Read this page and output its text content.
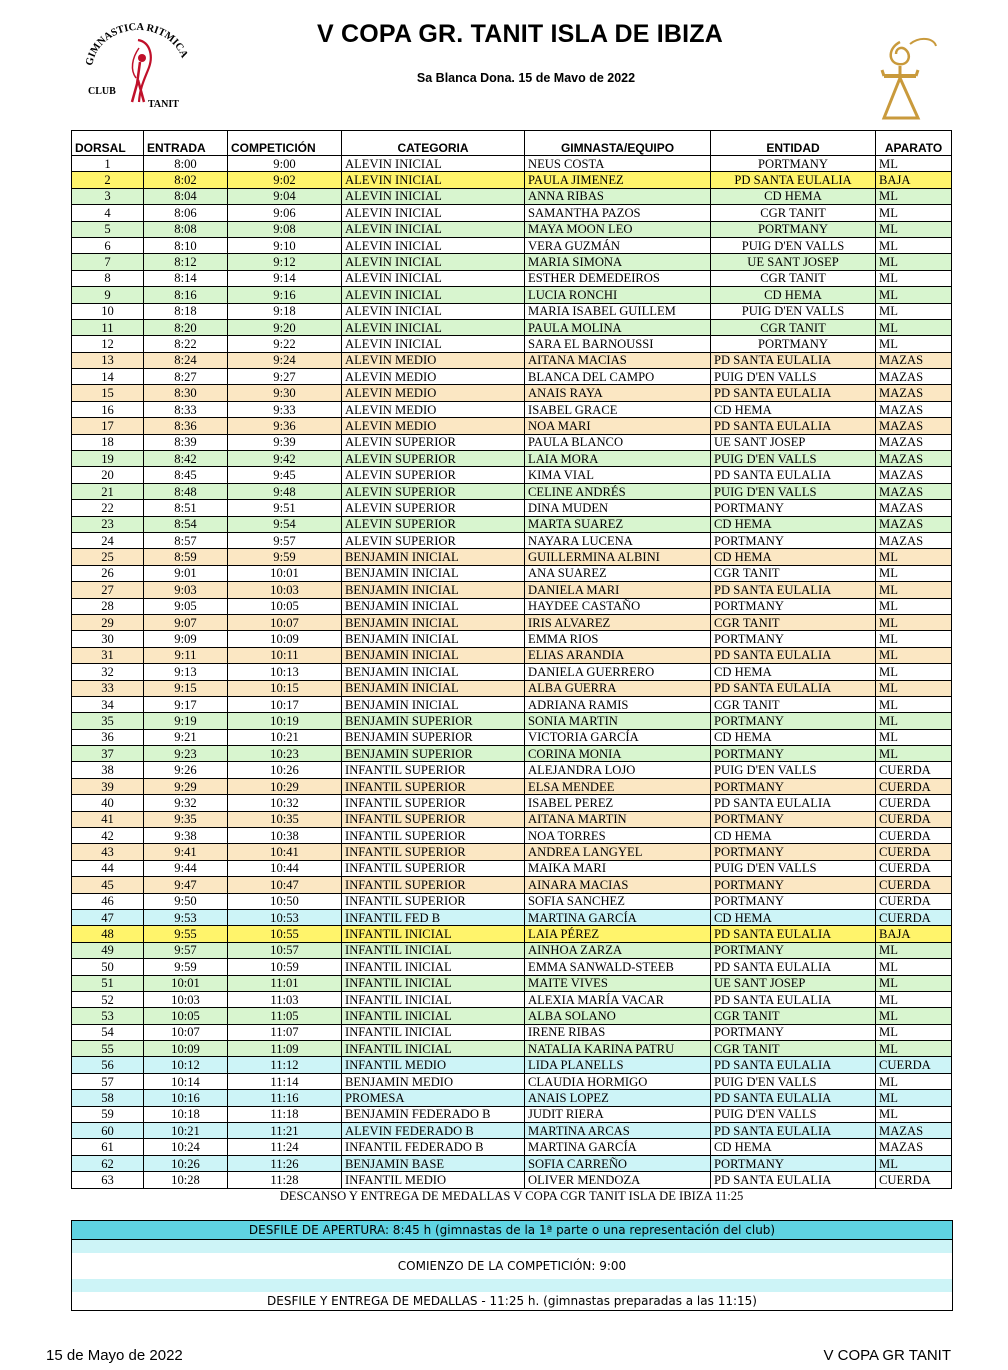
GIMNASTICA RITMICA
CLUB
TANIT
V COPA GR. TANIT ISLA DE IBIZA
Sa Blanca Dona. 15 de Mavo de 2022
DORSAL	ENTRADA	COMPETICIÓN	CATEGORIA	GIMNASTA/EQUIPO	ENTIDAD	APARATO
1	8:00	9:00	ALEVIN INICIAL	NEUS COSTA	PORTMANY	ML
2	8:02	9:02	ALEVIN INICIAL	PAULA JIMENEZ	PD SANTA EULALIA	BAJA
3	8:04	9:04	ALEVIN INICIAL	ANNA RIBAS	CD HEMA	ML
4	8:06	9:06	ALEVIN INICIAL	SAMANTHA PAZOS	CGR TANIT	ML
5	8:08	9:08	ALEVIN INICIAL	MAYA MOON LEO	PORTMANY	ML
6	8:10	9:10	ALEVIN INICIAL	VERA GUZMÁN	PUIG D'EN VALLS	ML
7	8:12	9:12	ALEVIN INICIAL	MARIA SIMONA	UE SANT JOSEP	ML
8	8:14	9:14	ALEVIN INICIAL	ESTHER DEMEDEIROS	CGR TANIT	ML
9	8:16	9:16	ALEVIN INICIAL	LUCIA RONCHI	CD HEMA	ML
10	8:18	9:18	ALEVIN INICIAL	MARIA ISABEL GUILLEM	PUIG D'EN VALLS	ML
11	8:20	9:20	ALEVIN INICIAL	PAULA MOLINA	CGR TANIT	ML
12	8:22	9:22	ALEVIN INICIAL	SARA EL BARNOUSSI	PORTMANY	ML
13	8:24	9:24	ALEVIN MEDIO	AITANA MACIAS	PD SANTA EULALIA	MAZAS
14	8:27	9:27	ALEVIN MEDIO	BLANCA DEL CAMPO	PUIG D'EN VALLS	MAZAS
15	8:30	9:30	ALEVIN MEDIO	ANAIS RAYA	PD SANTA EULALIA	MAZAS
16	8:33	9:33	ALEVIN MEDIO	ISABEL GRACE	CD HEMA	MAZAS
17	8:36	9:36	ALEVIN MEDIO	NOA MARI	PD SANTA EULALIA	MAZAS
18	8:39	9:39	ALEVIN SUPERIOR	PAULA BLANCO	UE SANT JOSEP	MAZAS
19	8:42	9:42	ALEVIN SUPERIOR	LAIA MORA	PUIG D'EN VALLS	MAZAS
20	8:45	9:45	ALEVIN SUPERIOR	KIMA VIAL	PD SANTA EULALIA	MAZAS
21	8:48	9:48	ALEVIN SUPERIOR	CELINE ANDRÉS	PUIG D'EN VALLS	MAZAS
22	8:51	9:51	ALEVIN SUPERIOR	DINA MUDEN	PORTMANY	MAZAS
23	8:54	9:54	ALEVIN SUPERIOR	MARTA SUAREZ	CD HEMA	MAZAS
24	8:57	9:57	ALEVIN SUPERIOR	NAYARA LUCENA	PORTMANY	MAZAS
25	8:59	9:59	BENJAMIN INICIAL	GUILLERMINA ALBINI	CD HEMA	ML
26	9:01	10:01	BENJAMIN INICIAL	ANA SUAREZ	CGR TANIT	ML
27	9:03	10:03	BENJAMIN INICIAL	DANIELA MARI	PD SANTA EULALIA	ML
28	9:05	10:05	BENJAMIN INICIAL	HAYDEE CASTAÑO	PORTMANY	ML
29	9:07	10:07	BENJAMIN INICIAL	IRIS ALVAREZ	CGR TANIT	ML
30	9:09	10:09	BENJAMIN INICIAL	EMMA RIOS	PORTMANY	ML
31	9:11	10:11	BENJAMIN INICIAL	ELIAS ARANDIA	PD SANTA EULALIA	ML
32	9:13	10:13	BENJAMIN INICIAL	DANIELA GUERRERO	CD HEMA	ML
33	9:15	10:15	BENJAMIN INICIAL	ALBA GUERRA	PD SANTA EULALIA	ML
34	9:17	10:17	BENJAMIN INICIAL	ADRIANA RAMIS	CGR TANIT	ML
35	9:19	10:19	BENJAMIN SUPERIOR	SONIA MARTIN	PORTMANY	ML
36	9:21	10:21	BENJAMIN SUPERIOR	VICTORIA GARCÍA	CD HEMA	ML
37	9:23	10:23	BENJAMIN SUPERIOR	CORINA MONIA	PORTMANY	ML
38	9:26	10:26	INFANTIL SUPERIOR	ALEJANDRA LOJO	PUIG D'EN VALLS	CUERDA
39	9:29	10:29	INFANTIL SUPERIOR	ELSA MENDEE	PORTMANY	CUERDA
40	9:32	10:32	INFANTIL SUPERIOR	ISABEL PEREZ	PD SANTA EULALIA	CUERDA
41	9:35	10:35	INFANTIL SUPERIOR	AITANA MARTIN	PORTMANY	CUERDA
42	9:38	10:38	INFANTIL SUPERIOR	NOA TORRES	CD HEMA	CUERDA
43	9:41	10:41	INFANTIL SUPERIOR	ANDREA LANGYEL	PORTMANY	CUERDA
44	9:44	10:44	INFANTIL SUPERIOR	MAIKA MARI	PUIG D'EN VALLS	CUERDA
45	9:47	10:47	INFANTIL SUPERIOR	AINARA MACIAS	PORTMANY	CUERDA
46	9:50	10:50	INFANTIL SUPERIOR	SOFIA SANCHEZ	PORTMANY	CUERDA
47	9:53	10:53	INFANTIL FED B	MARTINA GARCÍA	CD HEMA	CUERDA
48	9:55	10:55	INFANTIL INICIAL	LAIA PÉREZ	PD SANTA EULALIA	BAJA
49	9:57	10:57	INFANTIL INICIAL	AINHOA ZARZA	PORTMANY	ML
50	9:59	10:59	INFANTIL INICIAL	EMMA SANWALD-STEEB	PD SANTA EULALIA	ML
51	10:01	11:01	INFANTIL INICIAL	MAITE VIVES	UE SANT JOSEP	ML
52	10:03	11:03	INFANTIL INICIAL	ALEXIA MARÍA VACAR	PD SANTA EULALIA	ML
53	10:05	11:05	INFANTIL INICIAL	ALBA SOLANO	CGR TANIT	ML
54	10:07	11:07	INFANTIL INICIAL	IRENE RIBAS	PORTMANY	ML
55	10:09	11:09	INFANTIL INICIAL	NATALIA KARINA PATRU	CGR TANIT	ML
56	10:12	11:12	INFANTIL MEDIO	LIDA PLANELLS	PD SANTA EULALIA	CUERDA
57	10:14	11:14	BENJAMIN MEDIO	CLAUDIA HORMIGO	PUIG D'EN VALLS	ML
58	10:16	11:16	PROMESA	ANAIS LOPEZ	PD SANTA EULALIA	ML
59	10:18	11:18	BENJAMIN FEDERADO B	JUDIT RIERA	PUIG D'EN VALLS	ML
60	10:21	11:21	ALEVIN FEDERADO B	MARTINA ARCAS	PD SANTA EULALIA	MAZAS
61	10:24	11:24	INFANTIL FEDERADO B	MARTINA GARCÍA	CD HEMA	MAZAS
62	10:26	11:26	BENJAMIN BASE	SOFIA CARREÑO	PORTMANY	ML
63	10:28	11:28	INFANTIL MEDIO	OLIVER MENDOZA	PD SANTA EULALIA	CUERDA
DESCANSO Y ENTREGA DE MEDALLAS V COPA CGR TANIT ISLA DE IBIZA 11:25						
DESFILE DE APERTURA: 8:45 h (gimnastas de la 1ª parte o una representación del club)
COMIENZO DE LA COMPETICIÓN: 9:00
DESFILE Y ENTREGA DE MEDALLAS - 11:25 h. (gimnastas preparadas a las 11:15)
15 de Mayo de 2022	V COPA GR TANIT
